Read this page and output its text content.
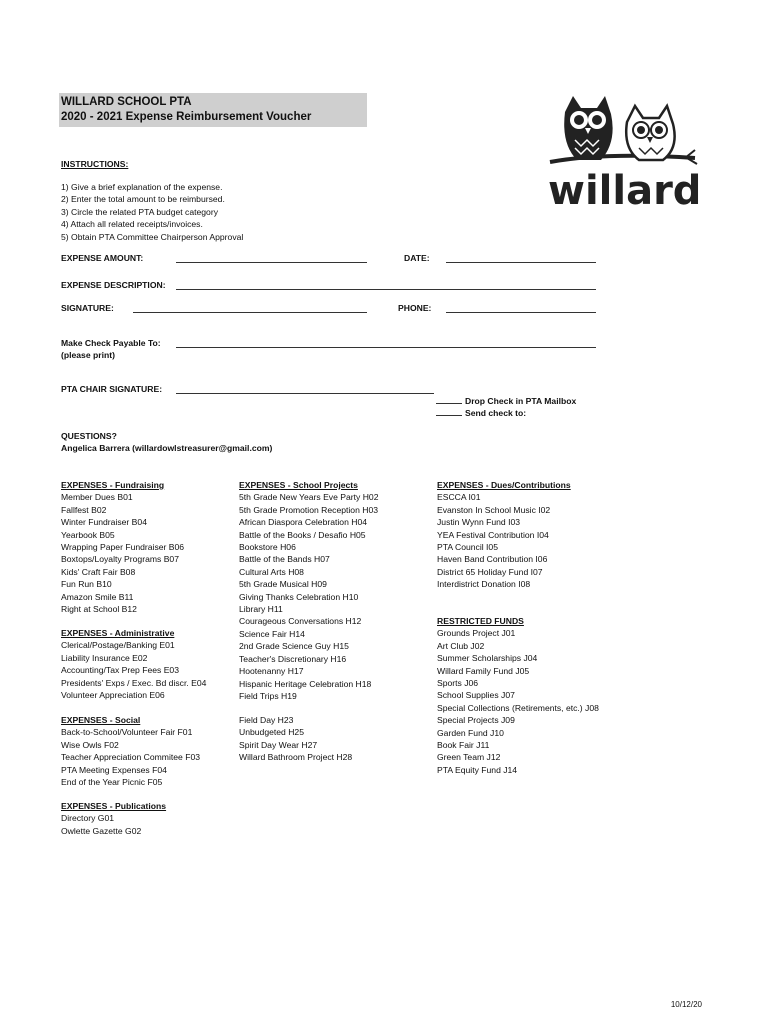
WILLARD SCHOOL PTA
2020 - 2021 Expense Reimbursement Voucher
willard
INSTRUCTIONS:
1) Give a brief explanation of the expense.
2) Enter the total amount to be reimbursed.
3) Circle the related PTA budget category
4) Attach all related receipts/invoices.
5) Obtain PTA Committee Chairperson Approval
EXPENSE AMOUNT:	DATE:
EXPENSE DESCRIPTION:
SIGNATURE:	PHONE:
Make Check Payable To:
(please print)
PTA CHAIR SIGNATURE:
Drop Check in PTA Mailbox
Send check to:
QUESTIONS?
Angelica Barrera (willardowlstreasurer@gmail.com)
EXPENSES - Fundraising
Member Dues B01
Fallfest B02
Winter Fundraiser B04
Yearbook B05
Wrapping Paper Fundraiser B06
Boxtops/Loyalty Programs B07
Kids' Craft Fair B08
Fun Run B10
Amazon Smile B11
Right at School B12
EXPENSES - Administrative
Clerical/Postage/Banking E01
Liability Insurance E02
Accounting/Tax Prep Fees E03
Presidents' Exps / Exec. Bd discr. E04
Volunteer Appreciation E06
EXPENSES - Social
Back-to-School/Volunteer Fair F01
Wise Owls F02
Teacher Appreciation Commitee F03
PTA Meeting Expenses F04
End of the Year Picnic F05
EXPENSES - Publications
Directory G01
Owlette Gazette G02
EXPENSES - School Projects
5th Grade New Years Eve Party H02
5th Grade Promotion Reception H03
African Diaspora Celebration H04
Battle of the Books / Desafio H05
Bookstore H06
Battle of the Bands H07
Cultural Arts H08
5th Grade Musical H09
Giving Thanks Celebration H10
Library H11
Courageous Conversations H12
Science Fair H14
2nd Grade Science Guy H15
Teacher's Discretionary H16
Hootenanny H17
Hispanic Heritage Celebration H18
Field Trips H19
Field Day H23
Unbudgeted H25
Spirit Day Wear H27
Willard Bathroom Project H28
EXPENSES - Dues/Contributions
ESCCA I01
Evanston In School Music I02
Justin Wynn Fund I03
YEA Festival Contribution I04
PTA Council I05
Haven Band Contribution I06
District 65 Holiday Fund I07
Interdistrict Donation I08
RESTRICTED FUNDS
Grounds Project J01
Art Club J02
Summer Scholarships J04
Willard Family Fund J05
Sports J06
School Supplies J07
Special Collections (Retirements, etc.) J08
Special Projects J09
Garden Fund J10
Book Fair J11
Green Team J12
PTA Equity Fund J14
10/12/20
